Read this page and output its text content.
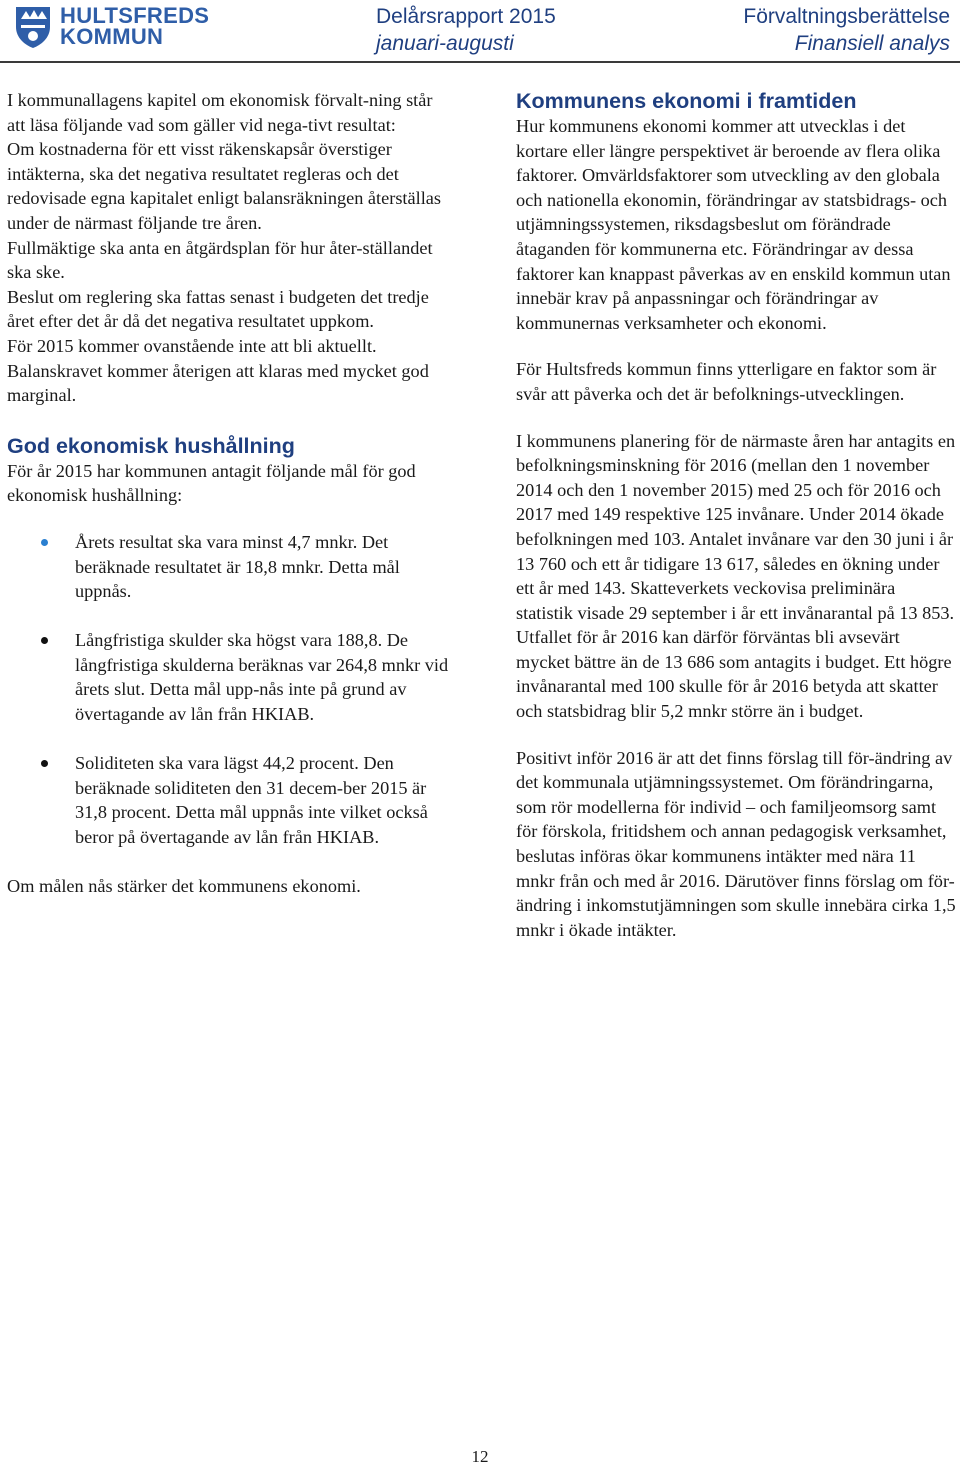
HULTSFREDS
KOMMUN
Delårsrapport 2015
januari-augusti
Förvaltningsberättelse
Finansiell analys

I kommunallagens kapitel om ekonomisk förvalt-ning står att läsa följande vad som gäller vid nega-tivt resultat:

Om kostnaderna för ett visst räkenskapsår överstiger intäkterna, ska det negativa resultatet regleras och det redovisade egna kapitalet enligt balansräkningen återställas under de närmast följande tre åren.

Fullmäktige ska anta en åtgärdsplan för hur åter-ställandet ska ske.

Beslut om reglering ska fattas senast i budgeten det tredje året efter det år då det negativa resultatet uppkom.

För 2015 kommer ovanstående inte att bli aktuellt. Balanskravet kommer återigen att klaras med mycket god marginal.

God ekonomisk hushållning

För år 2015 har kommunen antagit följande mål för god ekonomisk hushållning:

Årets resultat ska vara minst 4,7 mnkr. Det beräknade resultatet är 18,8 mnkr. Detta mål uppnås.
Långfristiga skulder ska högst vara 188,8. De långfristiga skulderna beräknas var 264,8 mnkr vid årets slut. Detta mål upp-nås inte på grund av övertagande av lån från HKIAB.
Soliditeten ska vara lägst 44,2 procent. Den beräknade soliditeten den 31 decem-ber 2015 är 31,8 procent. Detta mål uppnås inte vilket också beror på övertagande av lån från HKIAB.

Om målen nås stärker det kommunens ekonomi.

Kommunens ekonomi i framtiden

Hur kommunens ekonomi kommer att utvecklas i det kortare eller längre perspektivet är beroende av flera olika faktorer. Omvärldsfaktorer som utveckling av den globala och nationella ekonomin, förändringar av statsbidrags- och utjämningssystemen, riksdagsbeslut om förändrade åtaganden för kommunerna etc. Förändringar av dessa faktorer kan knappast påverkas av en enskild kommun utan innebär krav på anpassningar och förändringar av kommunernas verksamheter och ekonomi.

För Hultsfreds kommun finns ytterligare en faktor som är svår att påverka och det är befolknings-utvecklingen.

I kommunens planering för de närmaste åren har antagits en befolkningsminskning för 2016 (mellan den 1 november 2014 och den 1 november 2015) med 25 och för 2016 och 2017 med 149 respektive 125 invånare. Under 2014 ökade befolkningen med 103. Antalet invånare var den 30 juni i år 13 760 och ett år tidigare 13 617, således en ökning under ett år med 143. Skatteverkets veckovisa preliminära statistik visade 29 september i år ett invånarantal på 13 853. Utfallet för år 2016 kan därför förväntas bli avsevärt mycket bättre än de 13 686 som antagits i budget. Ett högre invånarantal med 100 skulle för år 2016 betyda att skatter och statsbidrag blir 5,2 mnkr större än i budget.

Positivt inför 2016 är att det finns förslag till för-ändring av det kommunala utjämningssystemet. Om förändringarna, som rör modellerna för individ – och familjeomsorg samt för förskola, fritidshem och annan pedagogisk verksamhet, beslutas införas ökar kommunens intäkter med nära 11 mnkr från och med år 2016. Därutöver finns förslag om för-ändring i inkomstutjämningen som skulle innebära cirka 1,5 mnkr i ökade intäkter.

12
